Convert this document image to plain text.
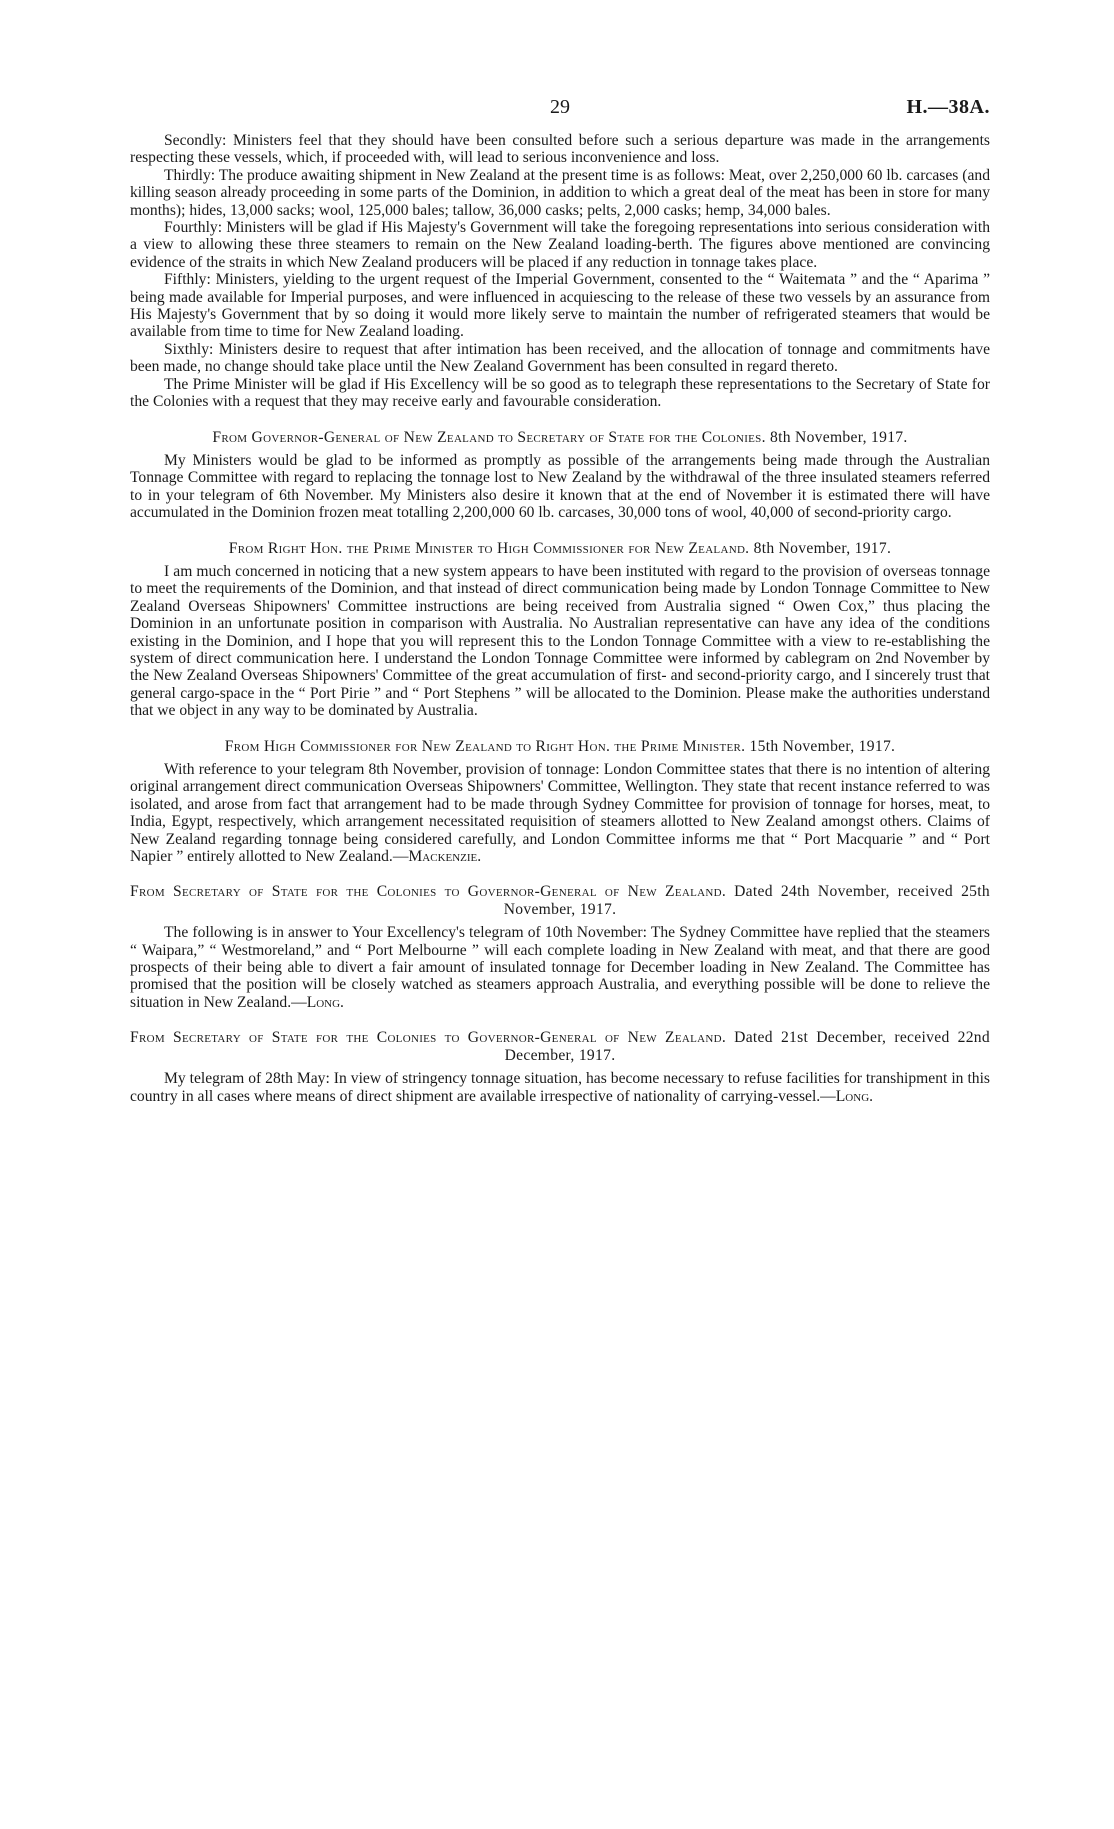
29	H.—38A.

Secondly: Ministers feel that they should have been consulted before such a serious departure was made in the arrangements respecting these vessels, which, if proceeded with, will lead to serious inconvenience and loss.

Thirdly: The produce awaiting shipment in New Zealand at the present time is as follows: Meat, over 2,250,000 60 lb. carcases (and killing season already proceeding in some parts of the Dominion, in addition to which a great deal of the meat has been in store for many months); hides, 13,000 sacks; wool, 125,000 bales; tallow, 36,000 casks; pelts, 2,000 casks; hemp, 34,000 bales.

Fourthly: Ministers will be glad if His Majesty's Government will take the foregoing representations into serious consideration with a view to allowing these three steamers to remain on the New Zealand loading-berth. The figures above mentioned are convincing evidence of the straits in which New Zealand producers will be placed if any reduction in tonnage takes place.

Fifthly: Ministers, yielding to the urgent request of the Imperial Government, consented to the “ Waitemata ” and the “ Aparima ” being made available for Imperial purposes, and were influenced in acquiescing to the release of these two vessels by an assurance from His Majesty's Government that by so doing it would more likely serve to maintain the number of refrigerated steamers that would be available from time to time for New Zealand loading.

Sixthly: Ministers desire to request that after intimation has been received, and the allocation of tonnage and commitments have been made, no change should take place until the New Zealand Government has been consulted in regard thereto.

The Prime Minister will be glad if His Excellency will be so good as to telegraph these representations to the Secretary of State for the Colonies with a request that they may receive early and favourable consideration.

From Governor-General of New Zealand to Secretary of State for the Colonies. 8th November, 1917.

My Ministers would be glad to be informed as promptly as possible of the arrangements being made through the Australian Tonnage Committee with regard to replacing the tonnage lost to New Zealand by the withdrawal of the three insulated steamers referred to in your telegram of 6th November. My Ministers also desire it known that at the end of November it is estimated there will have accumulated in the Dominion frozen meat totalling 2,200,000 60 lb. carcases, 30,000 tons of wool, 40,000 of second-priority cargo.

From Right Hon. the Prime Minister to High Commissioner for New Zealand. 8th November, 1917.

I am much concerned in noticing that a new system appears to have been instituted with regard to the provision of overseas tonnage to meet the requirements of the Dominion, and that instead of direct communication being made by London Tonnage Committee to New Zealand Overseas Shipowners' Committee instructions are being received from Australia signed “ Owen Cox,” thus placing the Dominion in an unfortunate position in comparison with Australia. No Australian representative can have any idea of the conditions existing in the Dominion, and I hope that you will represent this to the London Tonnage Committee with a view to re-establishing the system of direct communication here. I understand the London Tonnage Committee were informed by cablegram on 2nd November by the New Zealand Overseas Shipowners' Committee of the great accumulation of first- and second-priority cargo, and I sincerely trust that general cargo-space in the “ Port Pirie ” and “ Port Stephens ” will be allocated to the Dominion. Please make the authorities understand that we object in any way to be dominated by Australia.

From High Commissioner for New Zealand to Right Hon. the Prime Minister. 15th November, 1917.

With reference to your telegram 8th November, provision of tonnage: London Committee states that there is no intention of altering original arrangement direct communication Overseas Shipowners' Committee, Wellington. They state that recent instance referred to was isolated, and arose from fact that arrangement had to be made through Sydney Committee for provision of tonnage for horses, meat, to India, Egypt, respectively, which arrangement necessitated requisition of steamers allotted to New Zealand amongst others. Claims of New Zealand regarding tonnage being considered carefully, and London Committee informs me that “ Port Macquarie ” and “ Port Napier ” entirely allotted to New Zealand.—Mackenzie.

From Secretary of State for the Colonies to Governor-General of New Zealand. Dated 24th November, received 25th November, 1917.

The following is in answer to Your Excellency's telegram of 10th November: The Sydney Committee have replied that the steamers “ Waipara,” “ Westmoreland,” and “ Port Melbourne ” will each complete loading in New Zealand with meat, and that there are good prospects of their being able to divert a fair amount of insulated tonnage for December loading in New Zealand. The Committee has promised that the position will be closely watched as steamers approach Australia, and everything possible will be done to relieve the situation in New Zealand.—Long.

From Secretary of State for the Colonies to Governor-General of New Zealand. Dated 21st December, received 22nd December, 1917.

My telegram of 28th May: In view of stringency tonnage situation, has become necessary to refuse facilities for transhipment in this country in all cases where means of direct shipment are available irrespective of nationality of carrying-vessel.—Long.
